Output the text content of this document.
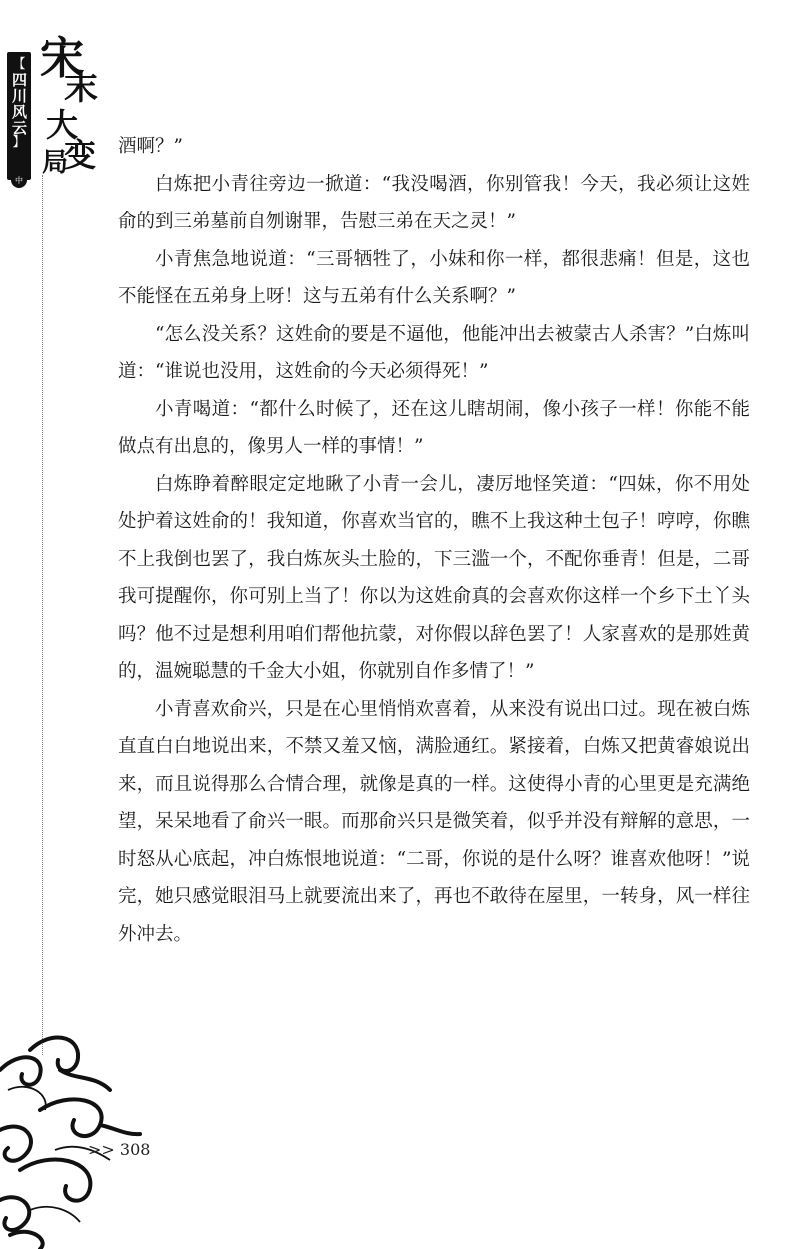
【
四川风云
】
中
宋
末
大
变
局

酒啊？”

白炼把小青往旁边一掀道：“我没喝酒，你别管我！今天，我必须让这姓俞的到三弟墓前自刎谢罪，告慰三弟在天之灵！”

小青焦急地说道：“三哥牺牲了，小妹和你一样，都很悲痛！但是，这也不能怪在五弟身上呀！这与五弟有什么关系啊？”

“怎么没关系？这姓俞的要是不逼他，他能冲出去被蒙古人杀害？”白炼叫道：“谁说也没用，这姓俞的今天必须得死！”

小青喝道：“都什么时候了，还在这儿瞎胡闹，像小孩子一样！你能不能做点有出息的，像男人一样的事情！”

白炼睁着醉眼定定地瞅了小青一会儿，凄厉地怪笑道：“四妹，你不用处处护着这姓俞的！我知道，你喜欢当官的，瞧不上我这种土包子！哼哼，你瞧不上我倒也罢了，我白炼灰头土脸的，下三滥一个，不配你垂青！但是，二哥我可提醒你，你可别上当了！你以为这姓俞真的会喜欢你这样一个乡下土丫头吗？他不过是想利用咱们帮他抗蒙，对你假以辞色罢了！人家喜欢的是那姓黄的，温婉聪慧的千金大小姐，你就别自作多情了！”

小青喜欢俞兴，只是在心里悄悄欢喜着，从来没有说出口过。现在被白炼直直白白地说出来，不禁又羞又恼，满脸通红。紧接着，白炼又把黄睿娘说出来，而且说得那么合情合理，就像是真的一样。这使得小青的心里更是充满绝望，呆呆地看了俞兴一眼。而那俞兴只是微笑着，似乎并没有辩解的意思，一时怒从心底起，冲白炼恨地说道：“二哥，你说的是什么呀？谁喜欢他呀！”说完，她只感觉眼泪马上就要流出来了，再也不敢待在屋里，一转身，风一样往外冲去。

>> 308
